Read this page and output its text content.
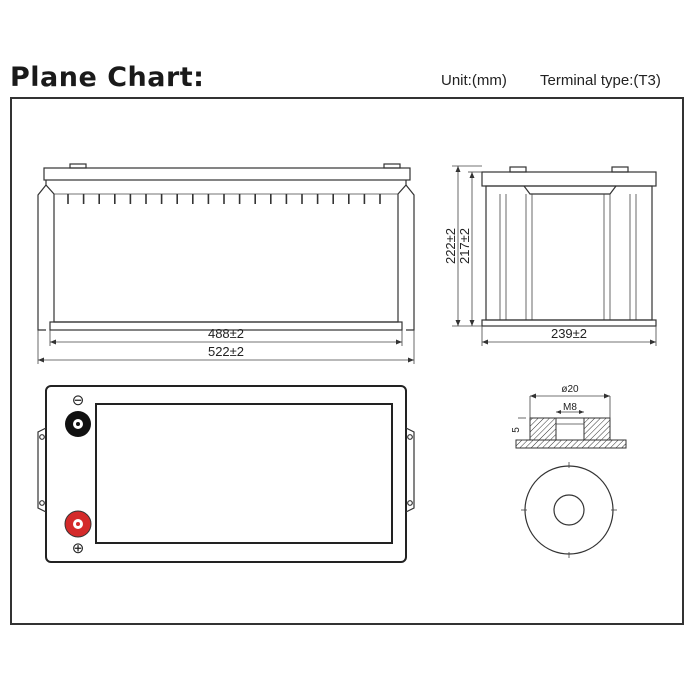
Plane Chart:	Unit:(mm) Terminal type:(T3)
488±2
522±2
222±2 217±2
239±2
⊖
⊕
ø20
M8
5
